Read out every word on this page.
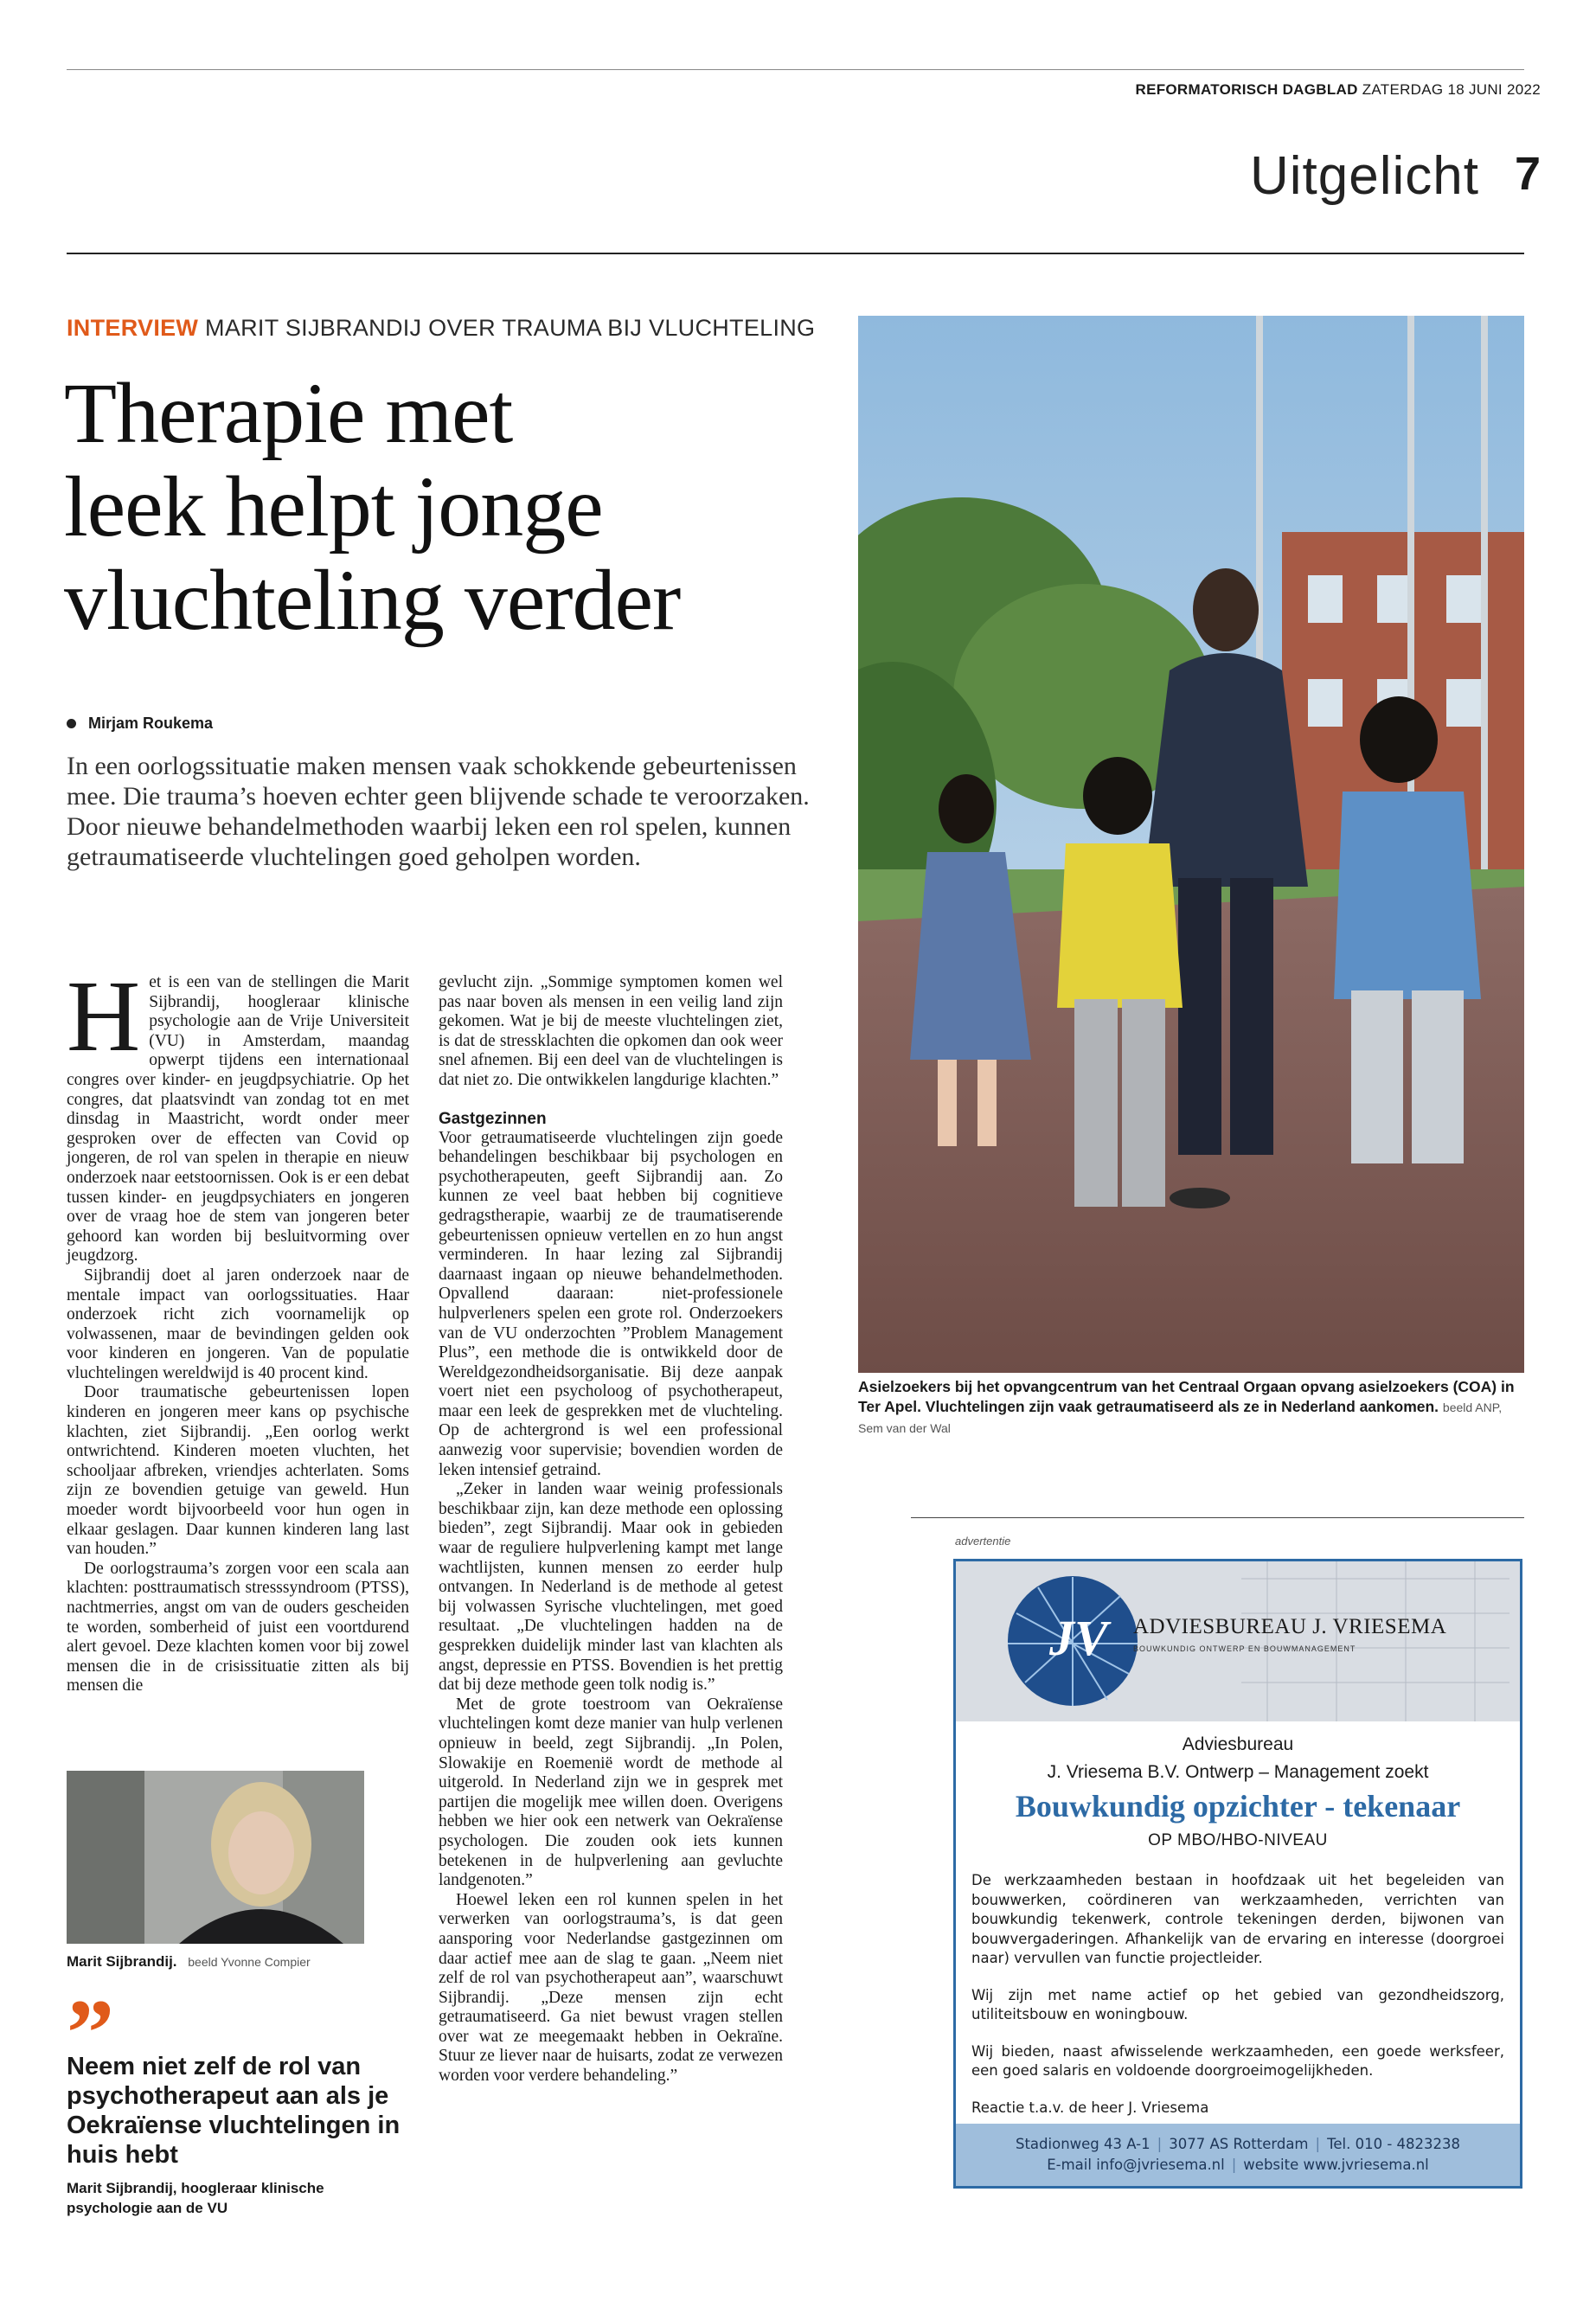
REFORMATORISCH DAGBLAD ZATERDAG 18 JUNI 2022
Uitgelicht 7
INTERVIEW MARIT SIJBRANDIJ OVER TRAUMA BIJ VLUCHTELING
Therapie met
leek helpt jonge
vluchteling verder
Mirjam Roukema
In een oorlogssituatie maken mensen vaak schokkende gebeurtenissen mee. Die trauma’s hoeven echter geen blijvende schade te veroorzaken. Door nieuwe behandelmethoden waarbij leken een rol spelen, kunnen getraumatiseerde vluchtelingen goed geholpen worden.

Het is een van de stellingen die Marit Sijbrandij, hoogleraar klinische psychologie aan de Vrije Universiteit (VU) in Amsterdam, maandag opwerpt tijdens een internationaal congres over kinder- en jeugdpsychiatrie. Op het congres, dat plaatsvindt van zondag tot en met dinsdag in Maastricht, wordt onder meer gesproken over de effecten van Covid op jongeren, de rol van spelen in therapie en nieuw onderzoek naar eetstoornissen. Ook is er een debat tussen kinder- en jeugdpsychiaters en jongeren over de vraag hoe de stem van jongeren beter gehoord kan worden bij besluitvorming over jeugdzorg.

Sijbrandij doet al jaren onderzoek naar de mentale impact van oorlogssituaties. Haar onderzoek richt zich voornamelijk op volwassenen, maar de bevindingen gelden ook voor kinderen en jongeren. Van de populatie vluchtelingen wereldwijd is 40 procent kind.

Door traumatische gebeurtenissen lopen kinderen en jongeren meer kans op psychische klachten, ziet Sijbrandij. „Een oorlog werkt ontwrichtend. Kinderen moeten vluchten, het schooljaar afbreken, vriendjes achterlaten. Soms zijn ze bovendien getuige van geweld. Hun moeder wordt bijvoorbeeld voor hun ogen in elkaar geslagen. Daar kunnen kinderen lang last van houden.”

De oorlogstrauma’s zorgen voor een scala aan klachten: posttraumatisch stresssyndroom (PTSS), nachtmerries, angst om van de ouders gescheiden te worden, somberheid of juist een voortdurend alert gevoel. Deze klachten komen voor bij zowel mensen die in de crisissituatie zitten als bij mensen die

gevlucht zijn. „Sommige symptomen komen wel pas naar boven als mensen in een veilig land zijn gekomen. Wat je bij de meeste vluchtelingen ziet, is dat de stressklachten die opkomen dan ook weer snel afnemen. Bij een deel van de vluchtelingen is dat niet zo. Die ontwikkelen langdurige klachten.”

Gastgezinnen

Voor getraumatiseerde vluchtelingen zijn goede behandelingen beschikbaar bij psychologen en psychotherapeuten, geeft Sijbrandij aan. Zo kunnen ze veel baat hebben bij cognitieve gedragstherapie, waarbij ze de traumatiserende gebeurtenissen opnieuw vertellen en zo hun angst verminderen. In haar lezing zal Sijbrandij daarnaast ingaan op nieuwe behandelmethoden. Opvallend daaraan: niet-professionele hulpverleners spelen een grote rol. Onderzoekers van de VU onderzochten ”Problem Management Plus”, een methode die is ontwikkeld door de Wereldgezondheidsorganisatie. Bij deze aanpak voert niet een psycholoog of psychotherapeut, maar een leek de gesprekken met de vluchteling. Op de achtergrond is wel een professional aanwezig voor supervisie; bovendien worden de leken intensief getraind.

„Zeker in landen waar weinig professionals beschikbaar zijn, kan deze methode een oplossing bieden”, zegt Sijbrandij. Maar ook in gebieden waar de reguliere hulpverlening kampt met lange wachtlijsten, kunnen mensen zo eerder hulp ontvangen. In Nederland is de methode al getest bij volwassen Syrische vluchtelingen, met goed resultaat. „De vluchtelingen hadden na de gesprekken duidelijk minder last van klachten als angst, depressie en PTSS. Bovendien is het prettig dat bij deze methode geen tolk nodig is.”

Met de grote toestroom van Oekraïense vluchtelingen komt deze manier van hulp verlenen opnieuw in beeld, zegt Sijbrandij. „In Polen, Slowakije en Roemenië wordt de methode al uitgerold. In Nederland zijn we in gesprek met partijen die mogelijk mee willen doen. Overigens hebben we hier ook een netwerk van Oekraïense psychologen. Die zouden ook iets kunnen betekenen in de hulpverlening aan gevluchte landgenoten.”

Hoewel leken een rol kunnen spelen in het verwerken van oorlogstrauma’s, is dat geen aansporing voor Nederlandse gastgezinnen om daar actief mee aan de slag te gaan. „Neem niet zelf de rol van psychotherapeut aan”, waarschuwt Sijbrandij. „Deze mensen zijn echt getraumatiseerd. Ga niet bewust vragen stellen over wat ze meegemaakt hebben in Oekraïne. Stuur ze liever naar de huisarts, zodat ze verwezen worden voor verdere behandeling.”

Asielzoekers bij het opvangcentrum van het Centraal Orgaan opvang asielzoekers (COA) in Ter Apel. Vluchtelingen zijn vaak getraumatiseerd als ze in Nederland aankomen. beeld ANP, Sem van der Wal
Marit Sijbrandij. beeld Yvonne Compier
”
Neem niet zelf de rol van psychotherapeut aan als je Oekraïense vluchtelingen in huis hebt
Marit Sijbrandij, hoogleraar klinische psychologie aan de VU
advertentie
JV ADVIESBUREAU J. VRIESEMA
BOUWKUNDIG ONTWERP EN BOUWMANAGEMENT
Adviesbureau
J. Vriesema B.V. Ontwerp – Management zoekt
Bouwkundig opzichter - tekenaar
OP MBO/HBO-NIVEAU

De werkzaamheden bestaan in hoofdzaak uit het begeleiden van bouwwerken, coördineren van werkzaamheden, verrichten van bouwkundig tekenwerk, controle tekeningen derden, bijwonen van bouwvergaderingen. Afhankelijk van de ervaring en interesse (doorgroei naar) vervullen van functie projectleider.

Wij zijn met name actief op het gebied van gezondheidszorg, utiliteitsbouw en woningbouw.

Wij bieden, naast afwisselende werkzaamheden, een goede werksfeer, een goed salaris en voldoende doorgroeimogelijkheden.

Reactie t.a.v. de heer J. Vriesema

Stadionweg 43 A-1 | 3077 AS Rotterdam | Tel. 010 - 4823238
E-mail info@jvriesema.nl | website www.jvriesema.nl
